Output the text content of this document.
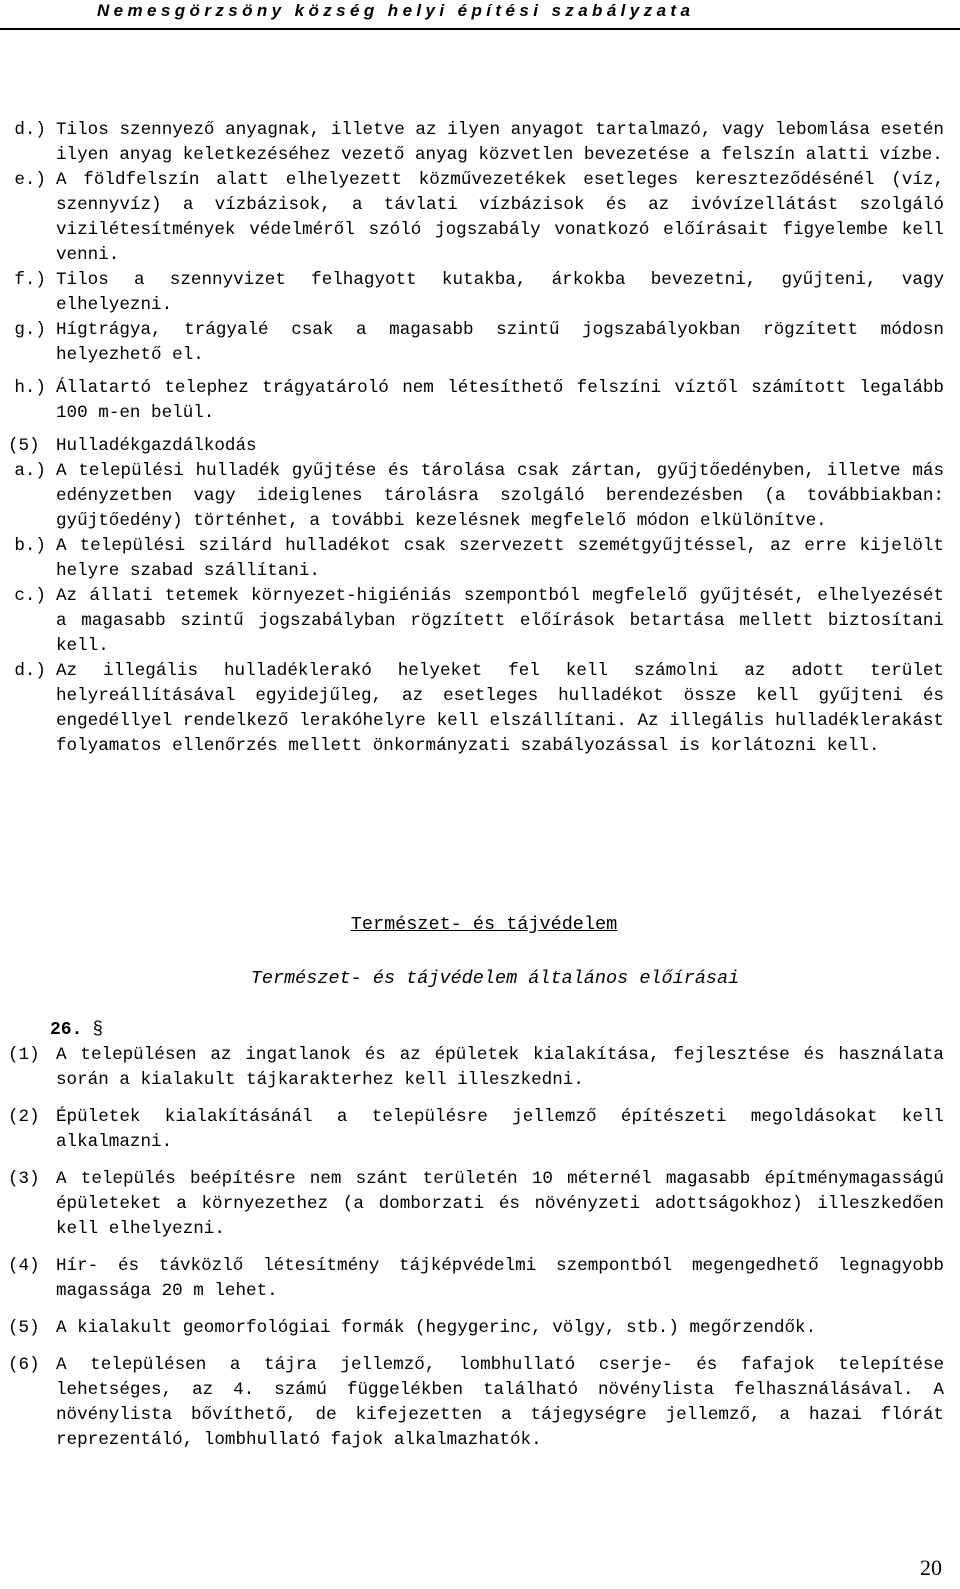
Nemesgörzsöny község helyi építési szabályzata
d.) Tilos szennyező anyagnak, illetve az ilyen anyagot tartalmazó, vagy lebomlása esetén ilyen anyag keletkezéséhez vezető anyag közvetlen bevezetése a felszín alatti vízbe.
e.) A földfelszín alatt elhelyezett közművezetékek esetleges kereszteződésénél (víz, szennyvíz) a vízbázisok, a távlati vízbázisok és az ivóvízellátást szolgáló vizilétesítmények védelméről szóló jogszabály vonatkozó előírásait figyelembe kell venni.
f.) Tilos a szennyvizet felhagyott kutakba, árkokba bevezetni, gyűjteni, vagy elhelyezni.
g.) Hígtrágya, trágyalé csak a magasabb szintű jogszabályokban rögzített módosn helyezhető el.
h.) Állatartó telephez trágyatároló nem létesíthető felszíni víztől számított legalább 100 m-en belül.
(5) Hulladékgazdálkodás
a.) A települési hulladék gyűjtése és tárolása csak zártan, gyűjtőedényben, illetve más edényzetben vagy ideiglenes tárolásra szolgáló berendezésben (a továbbiakban: gyűjtőedény) történhet, a további kezelésnek megfelelő módon elkülönítve.
b.) A települési szilárd hulladékot csak szervezett szemétgyűjtéssel, az erre kijelölt helyre szabad szállítani.
c.) Az állati tetemek környezet-higiéniás szempontból megfelelő gyűjtését, elhelyezését a magasabb szintű jogszabályban rögzített előírások betartása mellett biztosítani kell.
d.) Az illegális hulladéklerakó helyeket fel kell számolni az adott terület helyreállításával egyidejűleg, az esetleges hulladékot össze kell gyűjteni és engedéllyel rendelkező lerakóhelyre kell elszállítani. Az illegális hulladéklerakást folyamatos ellenőrzés mellett önkormányzati szabályozással is korlátozni kell.
Természet- és tájvédelem
Természet- és tájvédelem általános előírásai
26. §
(1) A településen az ingatlanok és az épületek kialakítása, fejlesztése és használata során a kialakult tájkarakterhez kell illeszkedni.
(2) Épületek kialakításánál a településre jellemző építészeti megoldásokat kell alkalmazni.
(3) A település beépítésre nem szánt területén 10 méternél magasabb építménymagasságú épületeket a környezethez (a domborzati és növényzeti adottságokhoz) illeszkedően kell elhelyezni.
(4) Hír- és távközlő létesítmény tájképvédelmi szempontból megengedhető legnagyobb magassága 20 m lehet.
(5) A kialakult geomorfológiai formák (hegygerinc, völgy, stb.) megőrzendők.
(6) A településen a tájra jellemző, lombhullató cserje- és fafajok telepítése lehetséges, az 4. számú függelékben található növénylista felhasználásával. A növénylista bővíthető, de kifejezetten a tájegységre jellemző, a hazai flórát reprezentáló, lombhullató fajok alkalmazhatók.
20
